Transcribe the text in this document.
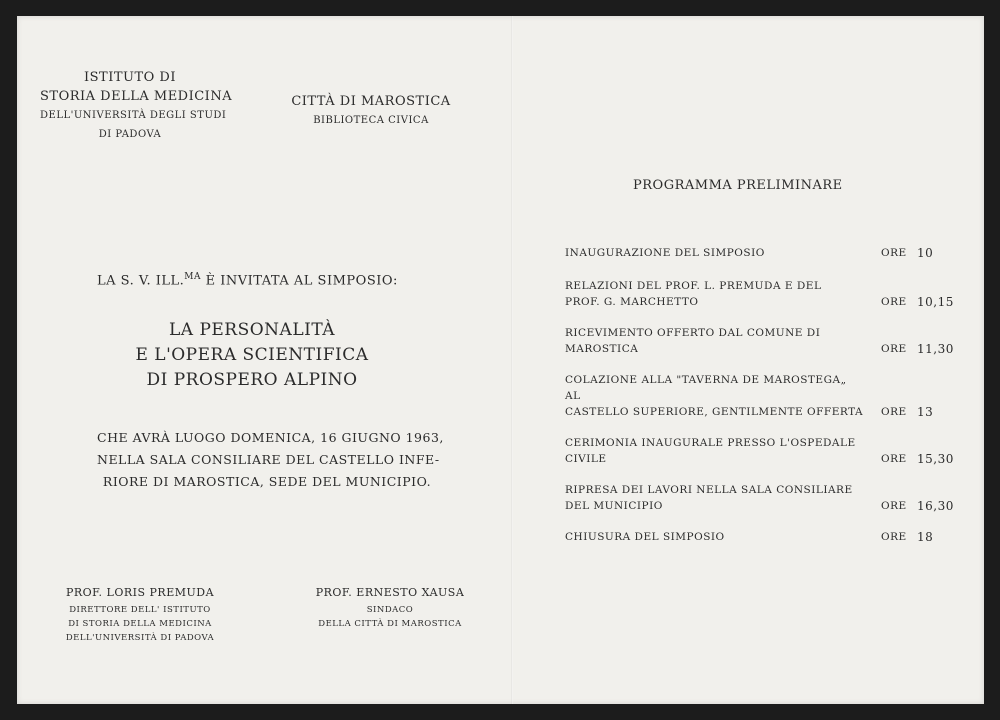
ISTITUTO DI
STORIA DELLA MEDICINA
DELL'UNIVERSITÀ DEGLI STUDI
DI PADOVA
CITTÀ DI MAROSTICA
BIBLIOTECA CIVICA
LA S. V. ILL.$^{MA}$ È INVITATA AL SIMPOSIO:
LA PERSONALITÀ
E L'OPERA SCIENTIFICA
DI PROSPERO ALPINO
CHE AVRÀ LUOGO DOMENICA, 16 GIUGNO 1963,
NELLA SALA CONSILIARE DEL CASTELLO INFE-
RIORE DI MAROSTICA, SEDE DEL MUNICIPIO.
PROF. LORIS PREMUDA
DIRETTORE DELL' ISTITUTO
DI STORIA DELLA MEDICINA
DELL'UNIVERSITÀ DI PADOVA
PROF. ERNESTO XAUSA
SINDACO
DELLA CITTÀ DI MAROSTICA
PROGRAMMA PRELIMINARE
INAUGURAZIONE DEL SIMPOSIO	ORE 10
RELAZIONI DEL PROF. L. PREMUDA E DEL
PROF. G. MARCHETTO	ORE 10,15
RICEVIMENTO OFFERTO DAL COMUNE DI MAROSTICA	ORE 11,30
COLAZIONE ALLA "TAVERNA DE MAROSTEGA„ AL
CASTELLO SUPERIORE, GENTILMENTE OFFERTA ORE 13
CERIMONIA INAUGURALE PRESSO L'OSPEDALE CIVILE	ORE 15,30
RIPRESA DEI LAVORI NELLA SALA CONSILIARE
DEL MUNICIPIO	ORE 16,30
CHIUSURA DEL SIMPOSIO	ORE 18
